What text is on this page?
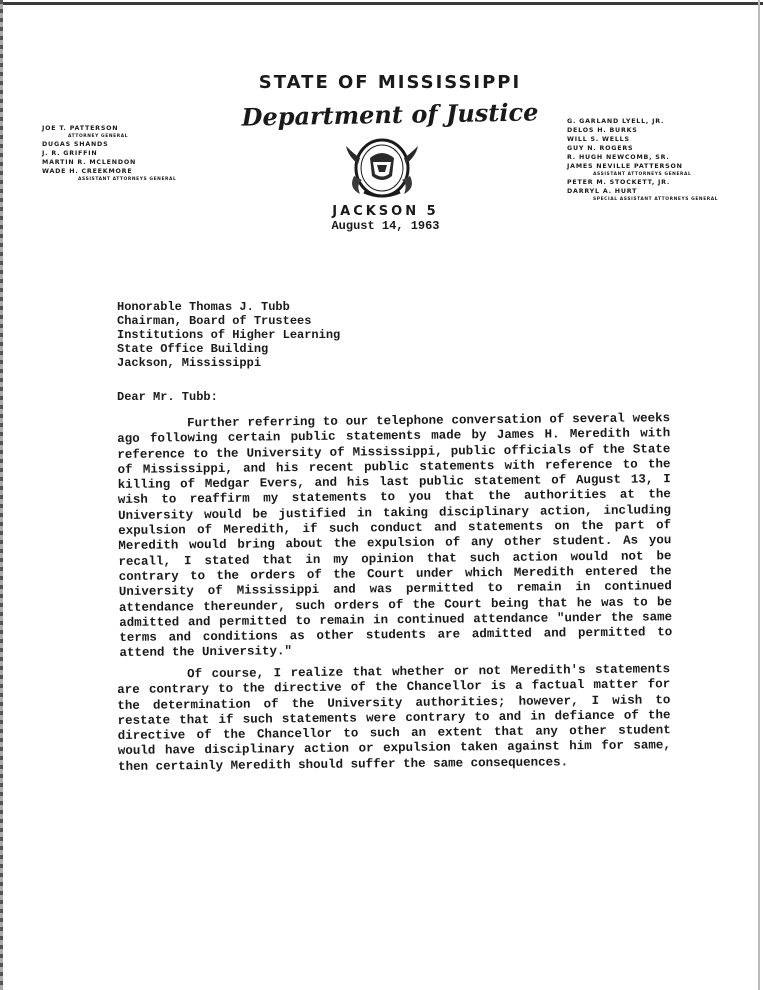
STATE OF MISSISSIPPI
Department of Justice
JOE T. PATTERSON
ATTORNEY GENERAL
DUGAS SHANDS
J. R. GRIFFIN
MARTIN R. MCLENDON
WADE H. CREEKMORE
ASSISTANT ATTORNEYS GENERAL
G. GARLAND LYELL, JR.
DELOS H. BURKS
WILL S. WELLS
GUY N. ROGERS
R. HUGH NEWCOMB, SR.
JAMES NEVILLE PATTERSON
ASSISTANT ATTORNEYS GENERAL
PETER M. STOCKETT, JR.
DARRYL A. HURT
SPECIAL ASSISTANT ATTORNEYS GENERAL
JACKSON 5
August 14, 1963
Honorable Thomas J. Tubb
Chairman, Board of Trustees
Institutions of Higher Learning
State Office Building
Jackson, Mississippi
Dear Mr. Tubb:

Further referring to our telephone conversation of several weeks ago following certain public statements made by James H. Meredith with reference to the University of Mississippi, public officials of the State of Mississippi, and his recent public statements with reference to the killing of Medgar Evers, and his last public statement of August 13, I wish to reaffirm my statements to you that the authorities at the University would be justified in taking disciplinary action, including expulsion of Meredith, if such conduct and statements on the part of Meredith would bring about the expulsion of any other student. As you recall, I stated that in my opinion that such action would not be contrary to the orders of the Court under which Meredith entered the University of Mississippi and was permitted to remain in continued attendance thereunder, such orders of the Court being that he was to be admitted and permitted to remain in continued attendance "under the same terms and conditions as other students are admitted and permitted to attend the University."

Of course, I realize that whether or not Meredith's statements are contrary to the directive of the Chancellor is a factual matter for the determination of the University authorities; however, I wish to restate that if such statements were contrary to and in defiance of the directive of the Chancellor to such an extent that any other student would have disciplinary action or expulsion taken against him for same, then certainly Meredith should suffer the same consequences.
